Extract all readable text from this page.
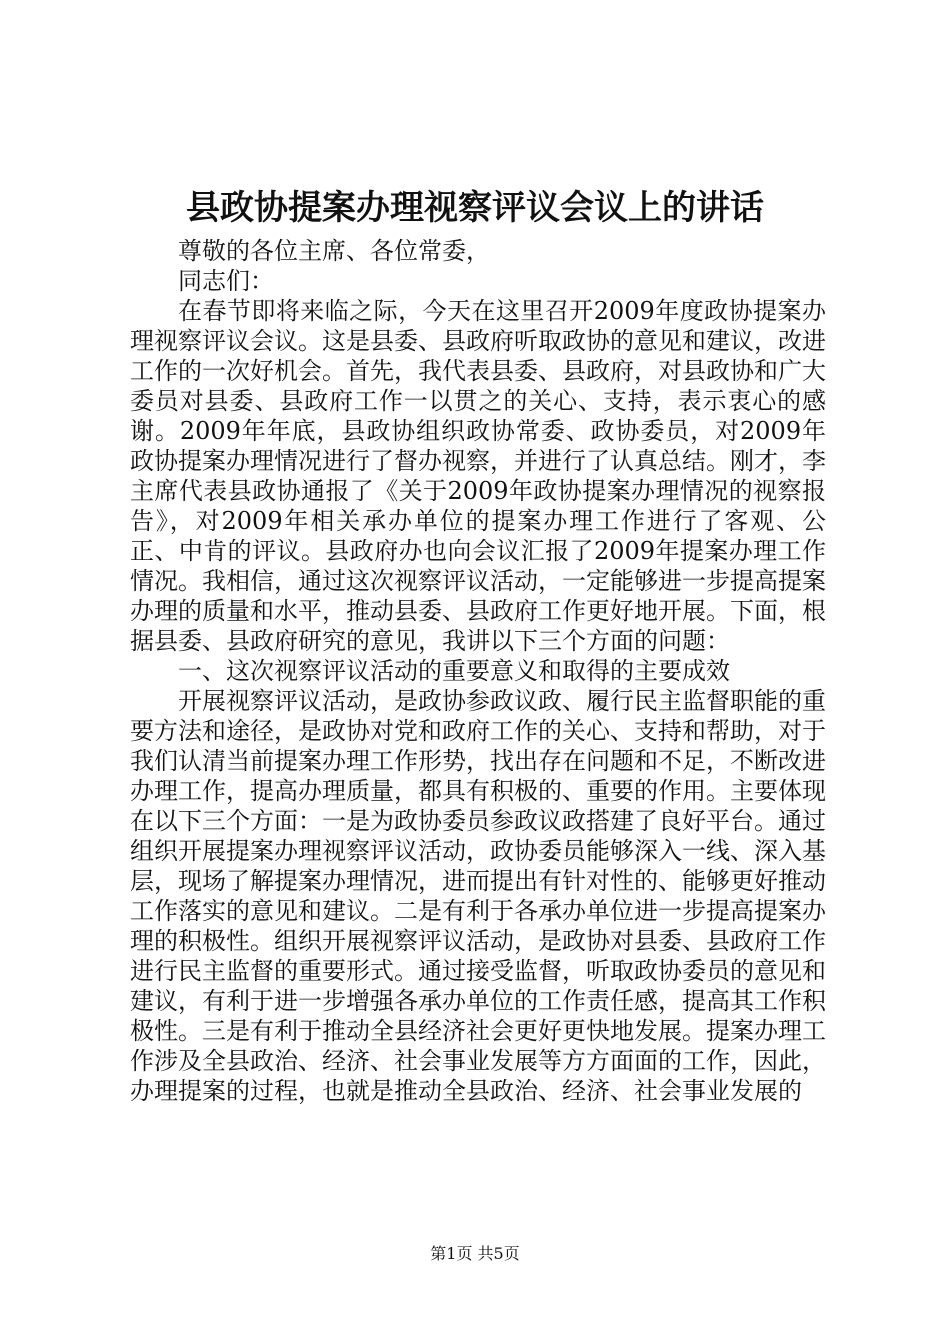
县政协提案办理视察评议会议上的讲话

尊敬的各位主席、各位常委，

同志们：

在春节即将来临之际，今天在这里召开2009年度政协提案办理视察评议会议。这是县委、县政府听取政协的意见和建议，改进工作的一次好机会。首先，我代表县委、县政府，对县政协和广大委员对县委、县政府工作一以贯之的关心、支持，表示衷心的感谢。2009年年底，县政协组织政协常委、政协委员，对2009年政协提案办理情况进行了督办视察，并进行了认真总结。刚才，李主席代表县政协通报了《关于2009年政协提案办理情况的视察报告》，对2009年相关承办单位的提案办理工作进行了客观、公正、中肯的评议。县政府办也向会议汇报了2009年提案办理工作情况。我相信，通过这次视察评议活动，一定能够进一步提高提案办理的质量和水平，推动县委、县政府工作更好地开展。下面，根据县委、县政府研究的意见，我讲以下三个方面的问题：

一、这次视察评议活动的重要意义和取得的主要成效

开展视察评议活动，是政协参政议政、履行民主监督职能的重要方法和途径，是政协对党和政府工作的关心、支持和帮助，对于我们认清当前提案办理工作形势，找出存在问题和不足，不断改进办理工作，提高办理质量，都具有积极的、重要的作用。主要体现在以下三个方面：一是为政协委员参政议政搭建了良好平台。通过组织开展提案办理视察评议活动，政协委员能够深入一线、深入基层，现场了解提案办理情况，进而提出有针对性的、能够更好推动工作落实的意见和建议。二是有利于各承办单位进一步提高提案办理的积极性。组织开展视察评议活动，是政协对县委、县政府工作进行民主监督的重要形式。通过接受监督，听取政协委员的意见和建议，有利于进一步增强各承办单位的工作责任感，提高其工作积极性。三是有利于推动全县经济社会更好更快地发展。提案办理工作涉及全县政治、经济、社会事业发展等方方面面的工作，因此，办理提案的过程，也就是推动全县政治、经济、社会事业发展的

第1页 共5页
